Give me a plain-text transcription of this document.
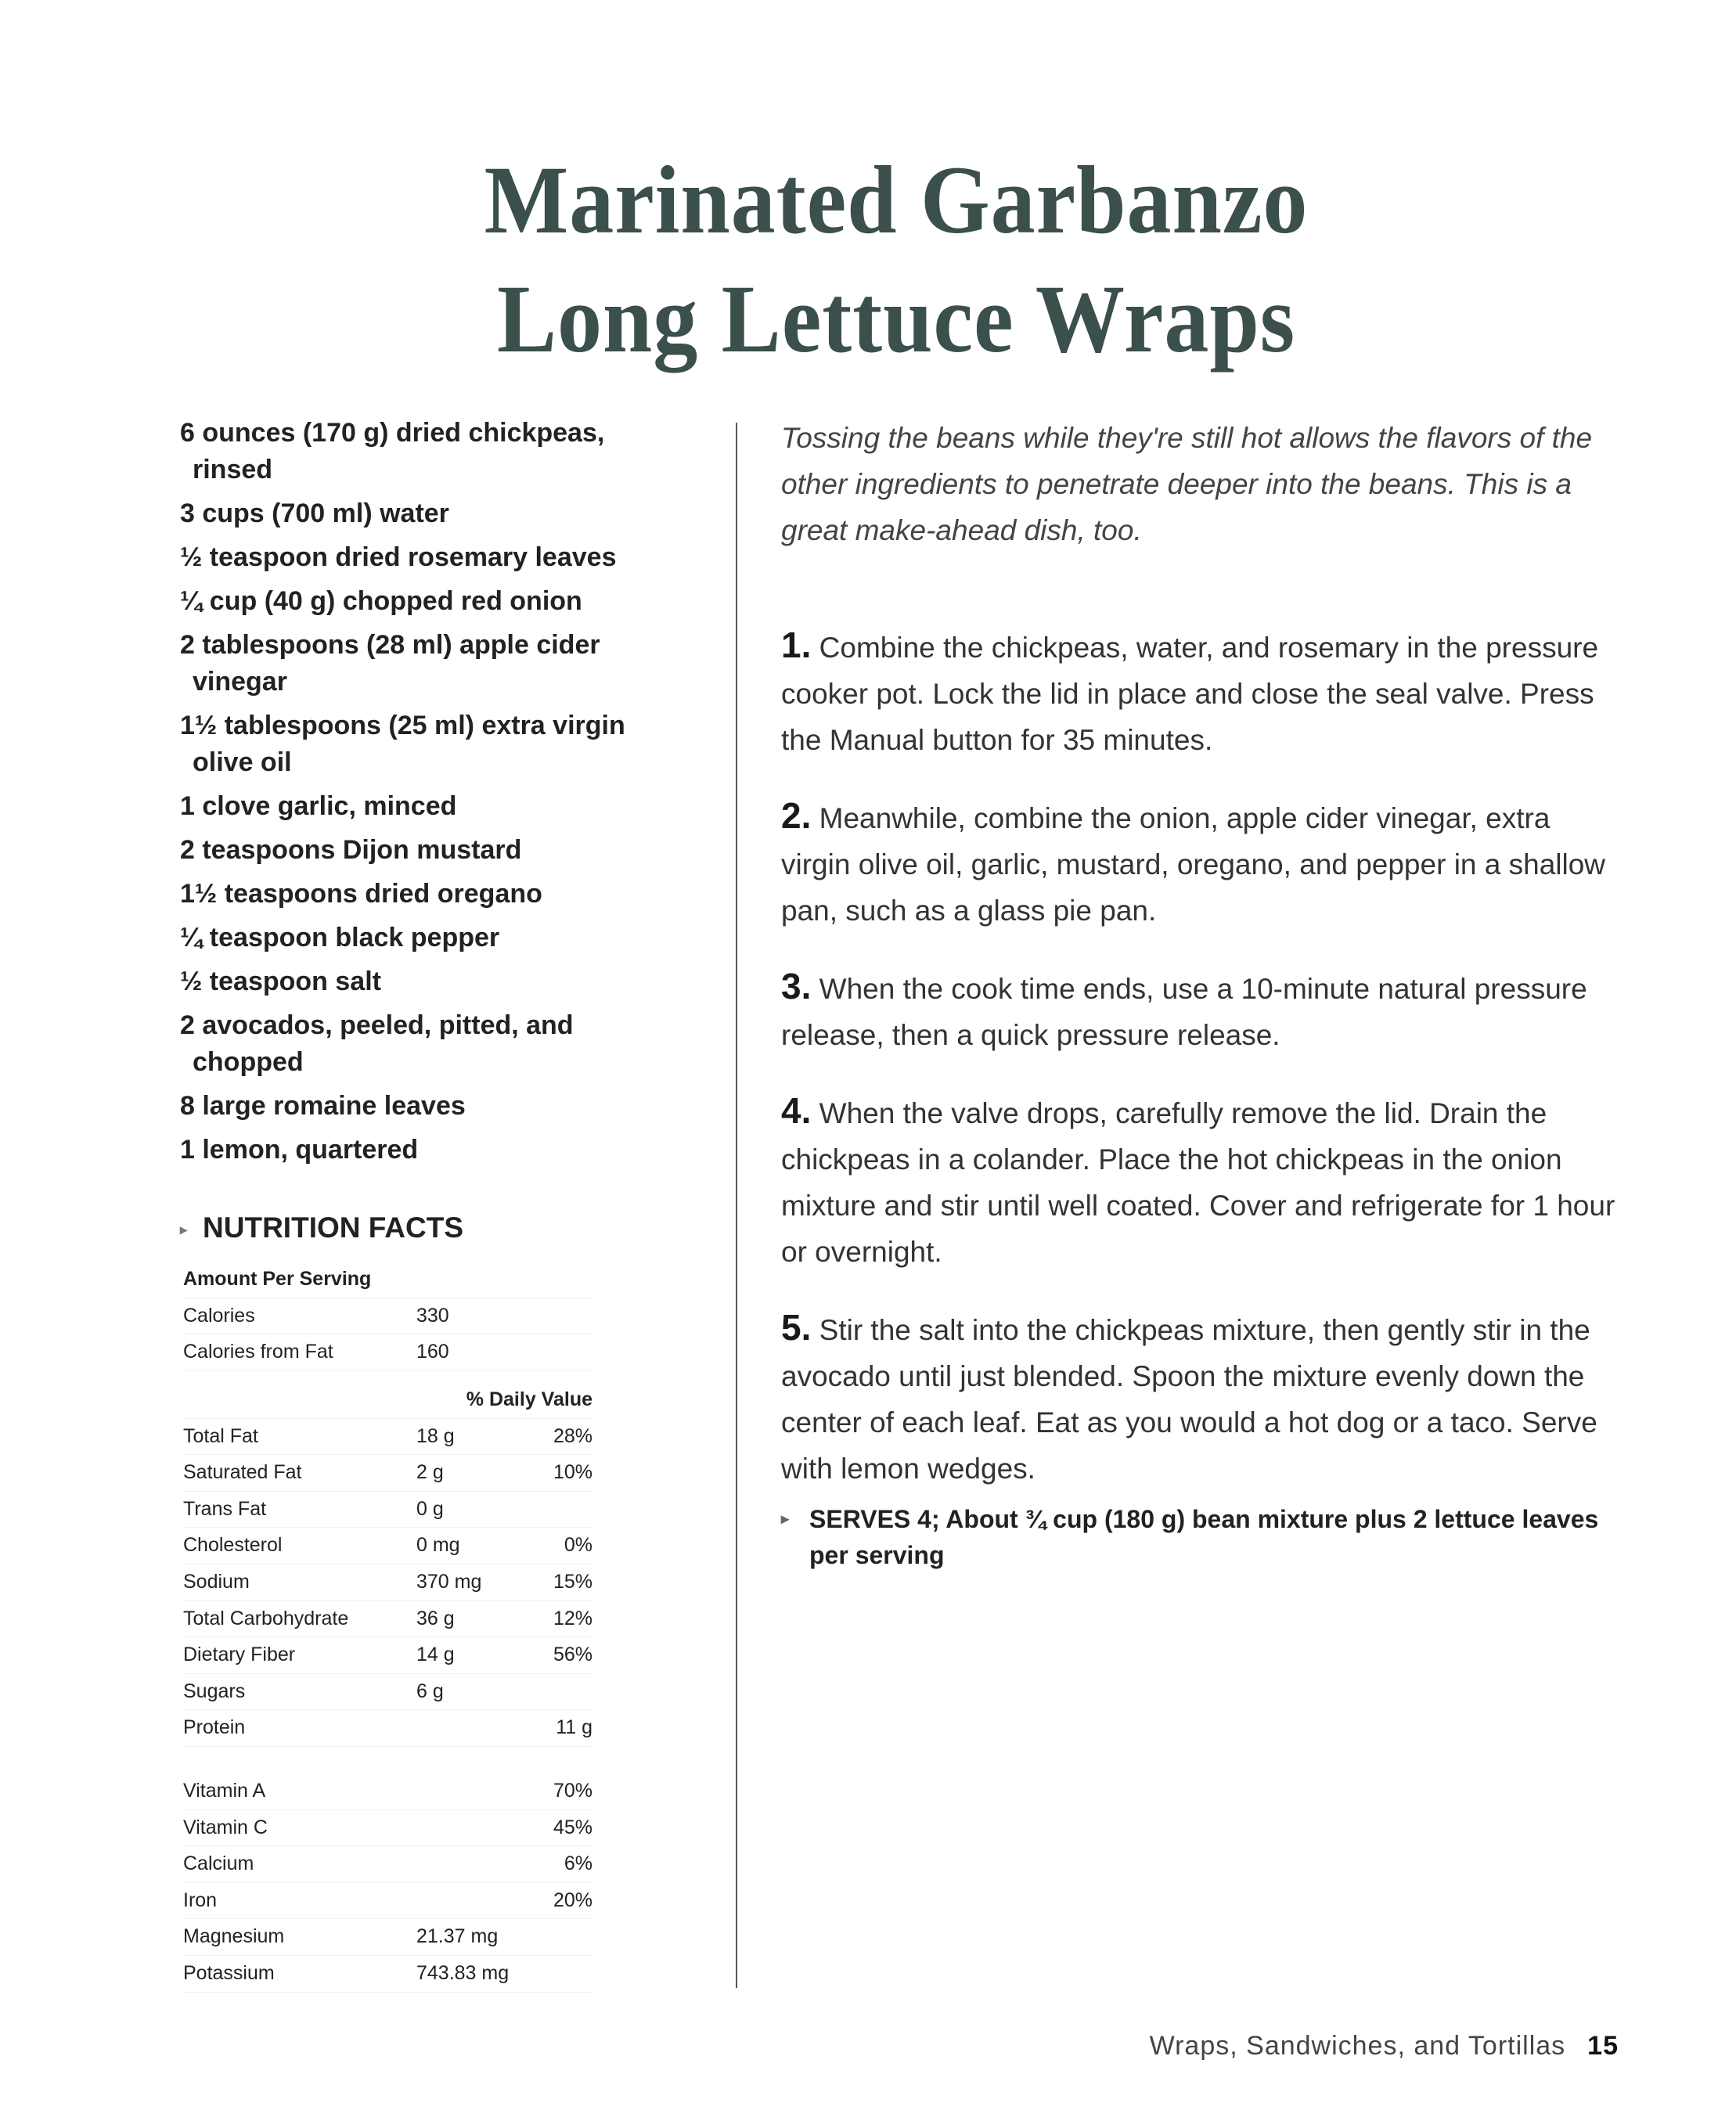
Marinated Garbanzo
Long Lettuce Wraps
6 ounces (170 g) dried chickpeas, rinsed
3 cups (700 ml) water
½ teaspoon dried rosemary leaves
¼ cup (40 g) chopped red onion
2 tablespoons (28 ml) apple cider vinegar
1½ tablespoons (25 ml) extra virgin olive oil
1 clove garlic, minced
2 teaspoons Dijon mustard
1½ teaspoons dried oregano
¼ teaspoon black pepper
½ teaspoon salt
2 avocados, peeled, pitted, and chopped
8 large romaine leaves
1 lemon, quartered
Tossing the beans while they're still hot allows the flavors of the other ingredients to penetrate deeper into the beans. This is a great make-ahead dish, too.
1. Combine the chickpeas, water, and rosemary in the pressure cooker pot. Lock the lid in place and close the seal valve. Press the Manual button for 35 minutes.
2. Meanwhile, combine the onion, apple cider vinegar, extra virgin olive oil, garlic, mustard, oregano, and pepper in a shallow pan, such as a glass pie pan.
3. When the cook time ends, use a 10-minute natural pressure release, then a quick pressure release.
4. When the valve drops, carefully remove the lid. Drain the chickpeas in a colander. Place the hot chickpeas in the onion mixture and stir until well coated. Cover and refrigerate for 1 hour or overnight.
5. Stir the salt into the chickpeas mixture, then gently stir in the avocado until just blended. Spoon the mixture evenly down the center of each leaf. Eat as you would a hot dog or a taco. Serve with lemon wedges.
▸ SERVES 4; About ¾ cup (180 g) bean mixture plus 2 lettuce leaves per serving
▸ NUTRITION FACTS
Amount Per Serving
Calories	330
Calories from Fat	160
% Daily Value
Total Fat	18 g	28%
Saturated Fat	2 g	10%
Trans Fat	0 g
Cholesterol	0 mg	0%
Sodium	370 mg	15%
Total Carbohydrate	36 g	12%
Dietary Fiber	14 g	56%
Sugars	6 g
Protein	11 g
Vitamin A	70%
Vitamin C	45%
Calcium	6%
Iron	20%
Magnesium	21.37 mg
Potassium	743.83 mg
Wraps, Sandwiches, and Tortillas 15
